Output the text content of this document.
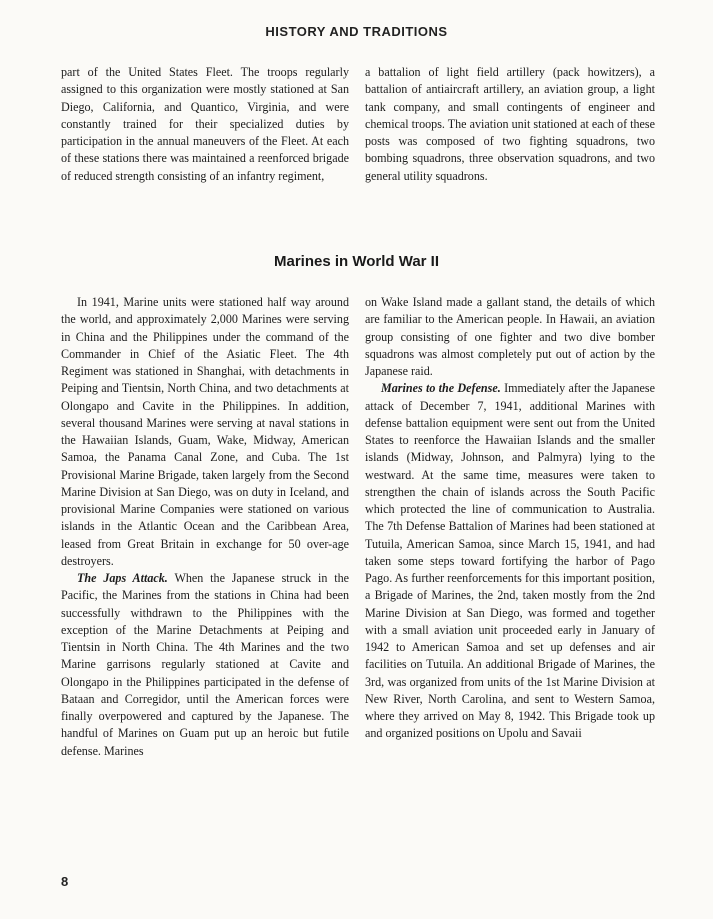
HISTORY AND TRADITIONS

part of the United States Fleet. The troops regularly assigned to this organization were mostly stationed at San Diego, California, and Quantico, Virginia, and were constantly trained for their specialized duties by participation in the annual maneuvers of the Fleet. At each of these stations there was maintained a reenforced brigade of reduced strength consisting of an infantry regiment,

a battalion of light field artillery (pack howitzers), a battalion of antiaircraft artillery, an aviation group, a light tank company, and small contingents of engineer and chemical troops. The aviation unit stationed at each of these posts was composed of two fighting squadrons, two bombing squadrons, three observation squadrons, and two general utility squadrons.

Marines in World War II

In 1941, Marine units were stationed half way around the world, and approximately 2,000 Marines were serving in China and the Philippines under the command of the Commander in Chief of the Asiatic Fleet. The 4th Regiment was stationed in Shanghai, with detachments in Peiping and Tientsin, North China, and two detachments at Olongapo and Cavite in the Philippines. In addition, several thousand Marines were serving at naval stations in the Hawaiian Islands, Guam, Wake, Midway, American Samoa, the Panama Canal Zone, and Cuba. The 1st Provisional Marine Brigade, taken largely from the Second Marine Division at San Diego, was on duty in Iceland, and provisional Marine Companies were stationed on various islands in the Atlantic Ocean and the Caribbean Area, leased from Great Britain in exchange for 50 over-age destroyers.

The Japs Attack. When the Japanese struck in the Pacific, the Marines from the stations in China had been successfully withdrawn to the Philippines with the exception of the Marine Detachments at Peiping and Tientsin in North China. The 4th Marines and the two Marine garrisons regularly stationed at Cavite and Olongapo in the Philippines participated in the defense of Bataan and Corregidor, until the American forces were finally overpowered and captured by the Japanese. The handful of Marines on Guam put up an heroic but futile defense. Marines

on Wake Island made a gallant stand, the details of which are familiar to the American people. In Hawaii, an aviation group consisting of one fighter and two dive bomber squadrons was almost completely put out of action by the Japanese raid.

Marines to the Defense. Immediately after the Japanese attack of December 7, 1941, additional Marines with defense battalion equipment were sent out from the United States to reenforce the Hawaiian Islands and the smaller islands (Midway, Johnson, and Palmyra) lying to the westward. At the same time, measures were taken to strengthen the chain of islands across the South Pacific which protected the line of communication to Australia. The 7th Defense Battalion of Marines had been stationed at Tutuila, American Samoa, since March 15, 1941, and had taken some steps toward fortifying the harbor of Pago Pago. As further reenforcements for this important position, a Brigade of Marines, the 2nd, taken mostly from the 2nd Marine Division at San Diego, was formed and together with a small aviation unit proceeded early in January of 1942 to American Samoa and set up defenses and air facilities on Tutuila. An additional Brigade of Marines, the 3rd, was organized from units of the 1st Marine Division at New River, North Carolina, and sent to Western Samoa, where they arrived on May 8, 1942. This Brigade took up and organized positions on Upolu and Savaii

8
